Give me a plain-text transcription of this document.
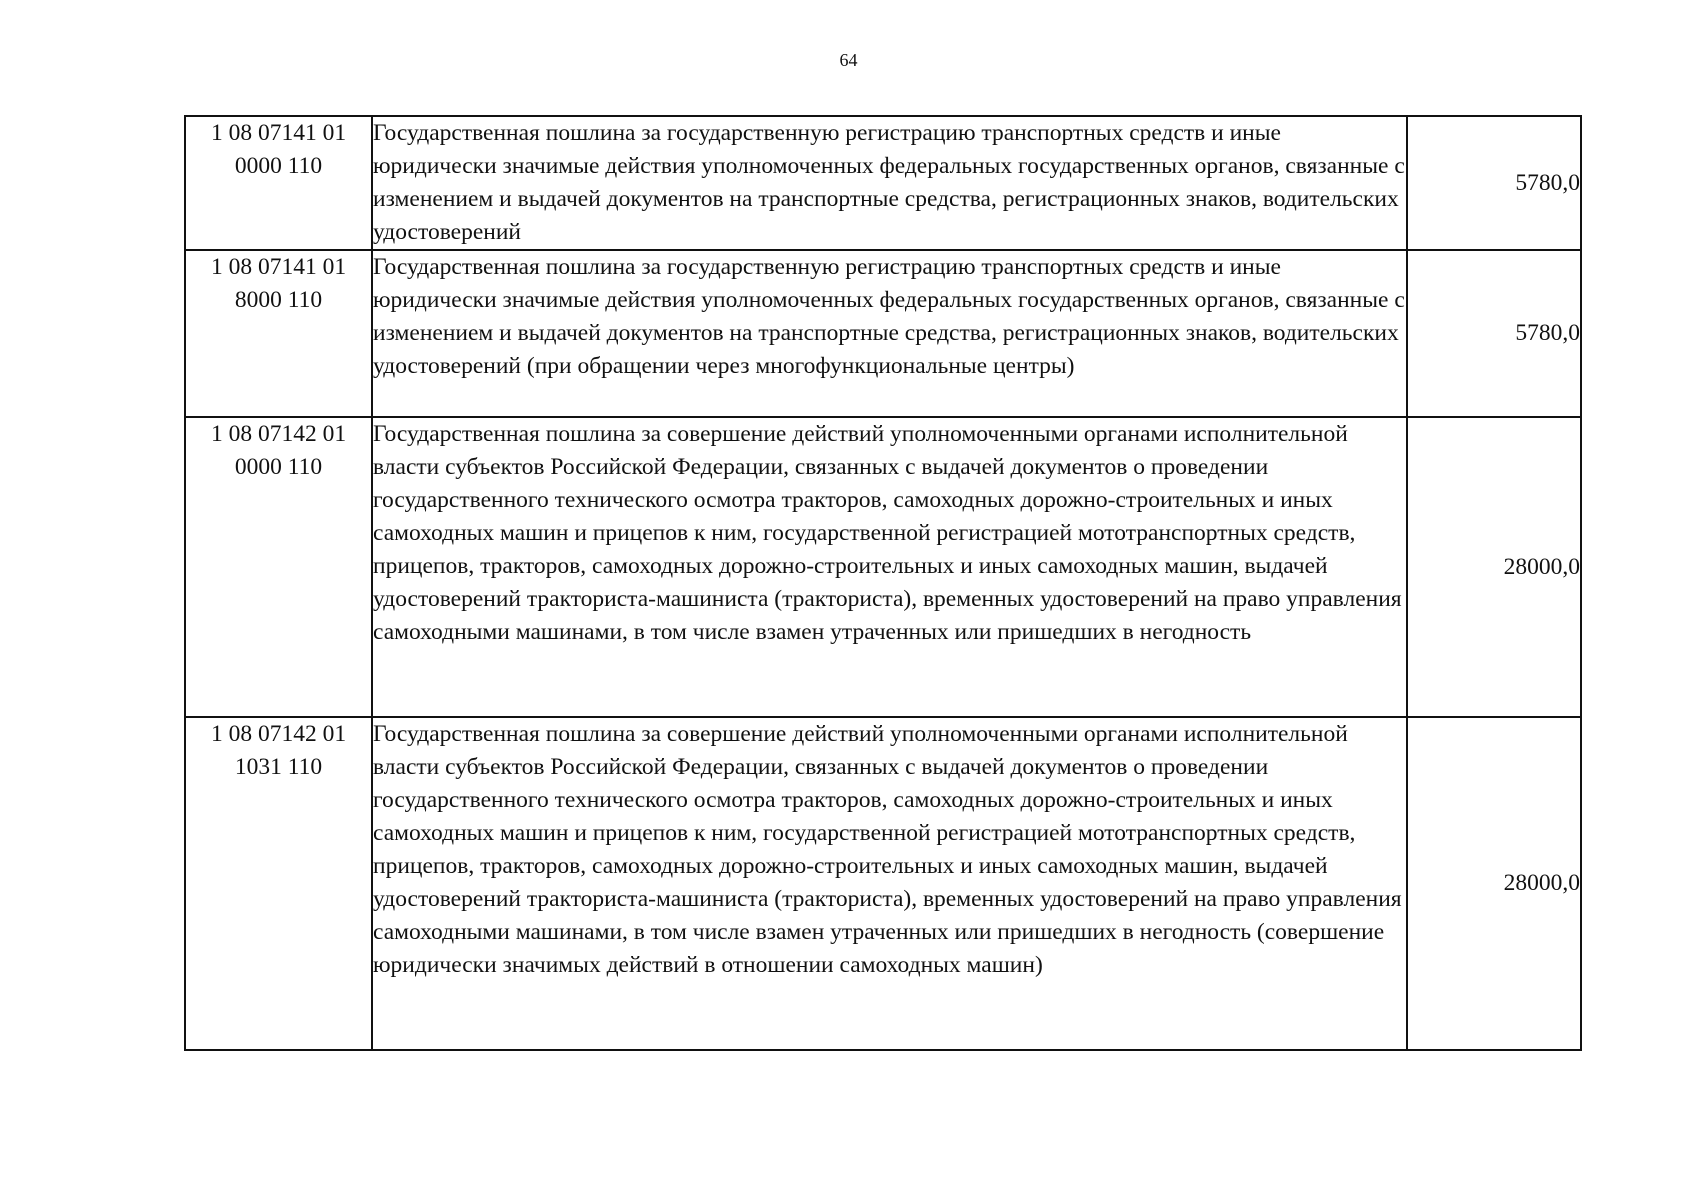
64
1 08 07141 01
0000 110	Государственная пошлина за государственную регистрацию транспортных средств и иные юридически значимые действия уполномоченных федеральных государственных органов, связанные с изменением и выдачей документов на транспортные средства, регистрационных знаков, водительских удостоверений	5780,0

1 08 07141 01
8000 110	Государственная пошлина за государственную регистрацию транспортных средств и иные юридически значимые действия уполномоченных федеральных государственных органов, связанные с изменением и выдачей документов на транспортные средства, регистрационных знаков, водительских удостоверений (при обращении через многофункциональные центры)	5780,0

1 08 07142 01
0000 110	Государственная пошлина за совершение действий уполномоченными органами исполнительной власти субъектов Российской Федерации, связанных с выдачей документов о проведении государственного технического осмотра тракторов, самоходных дорожно-строительных и иных самоходных машин и прицепов к ним, государственной регистрацией мототранспортных средств, прицепов, тракторов, самоходных дорожно-строительных и иных самоходных машин, выдачей удостоверений тракториста-машиниста (тракториста), временных удостоверений на право управления самоходными машинами, в том числе взамен утраченных или пришедших в негодность	28000,0

1 08 07142 01
1031 110	Государственная пошлина за совершение действий уполномоченными органами исполнительной власти субъектов Российской Федерации, связанных с выдачей документов о проведении государственного технического осмотра тракторов, самоходных дорожно-строительных и иных самоходных машин и прицепов к ним, государственной регистрацией мототранспортных средств, прицепов, тракторов, самоходных дорожно-строительных и иных самоходных машин, выдачей удостоверений тракториста-машиниста (тракториста), временных удостоверений на право управления самоходными машинами, в том числе взамен утраченных или пришедших в негодность (совершение юридически значимых действий в отношении самоходных машин)	28000,0
